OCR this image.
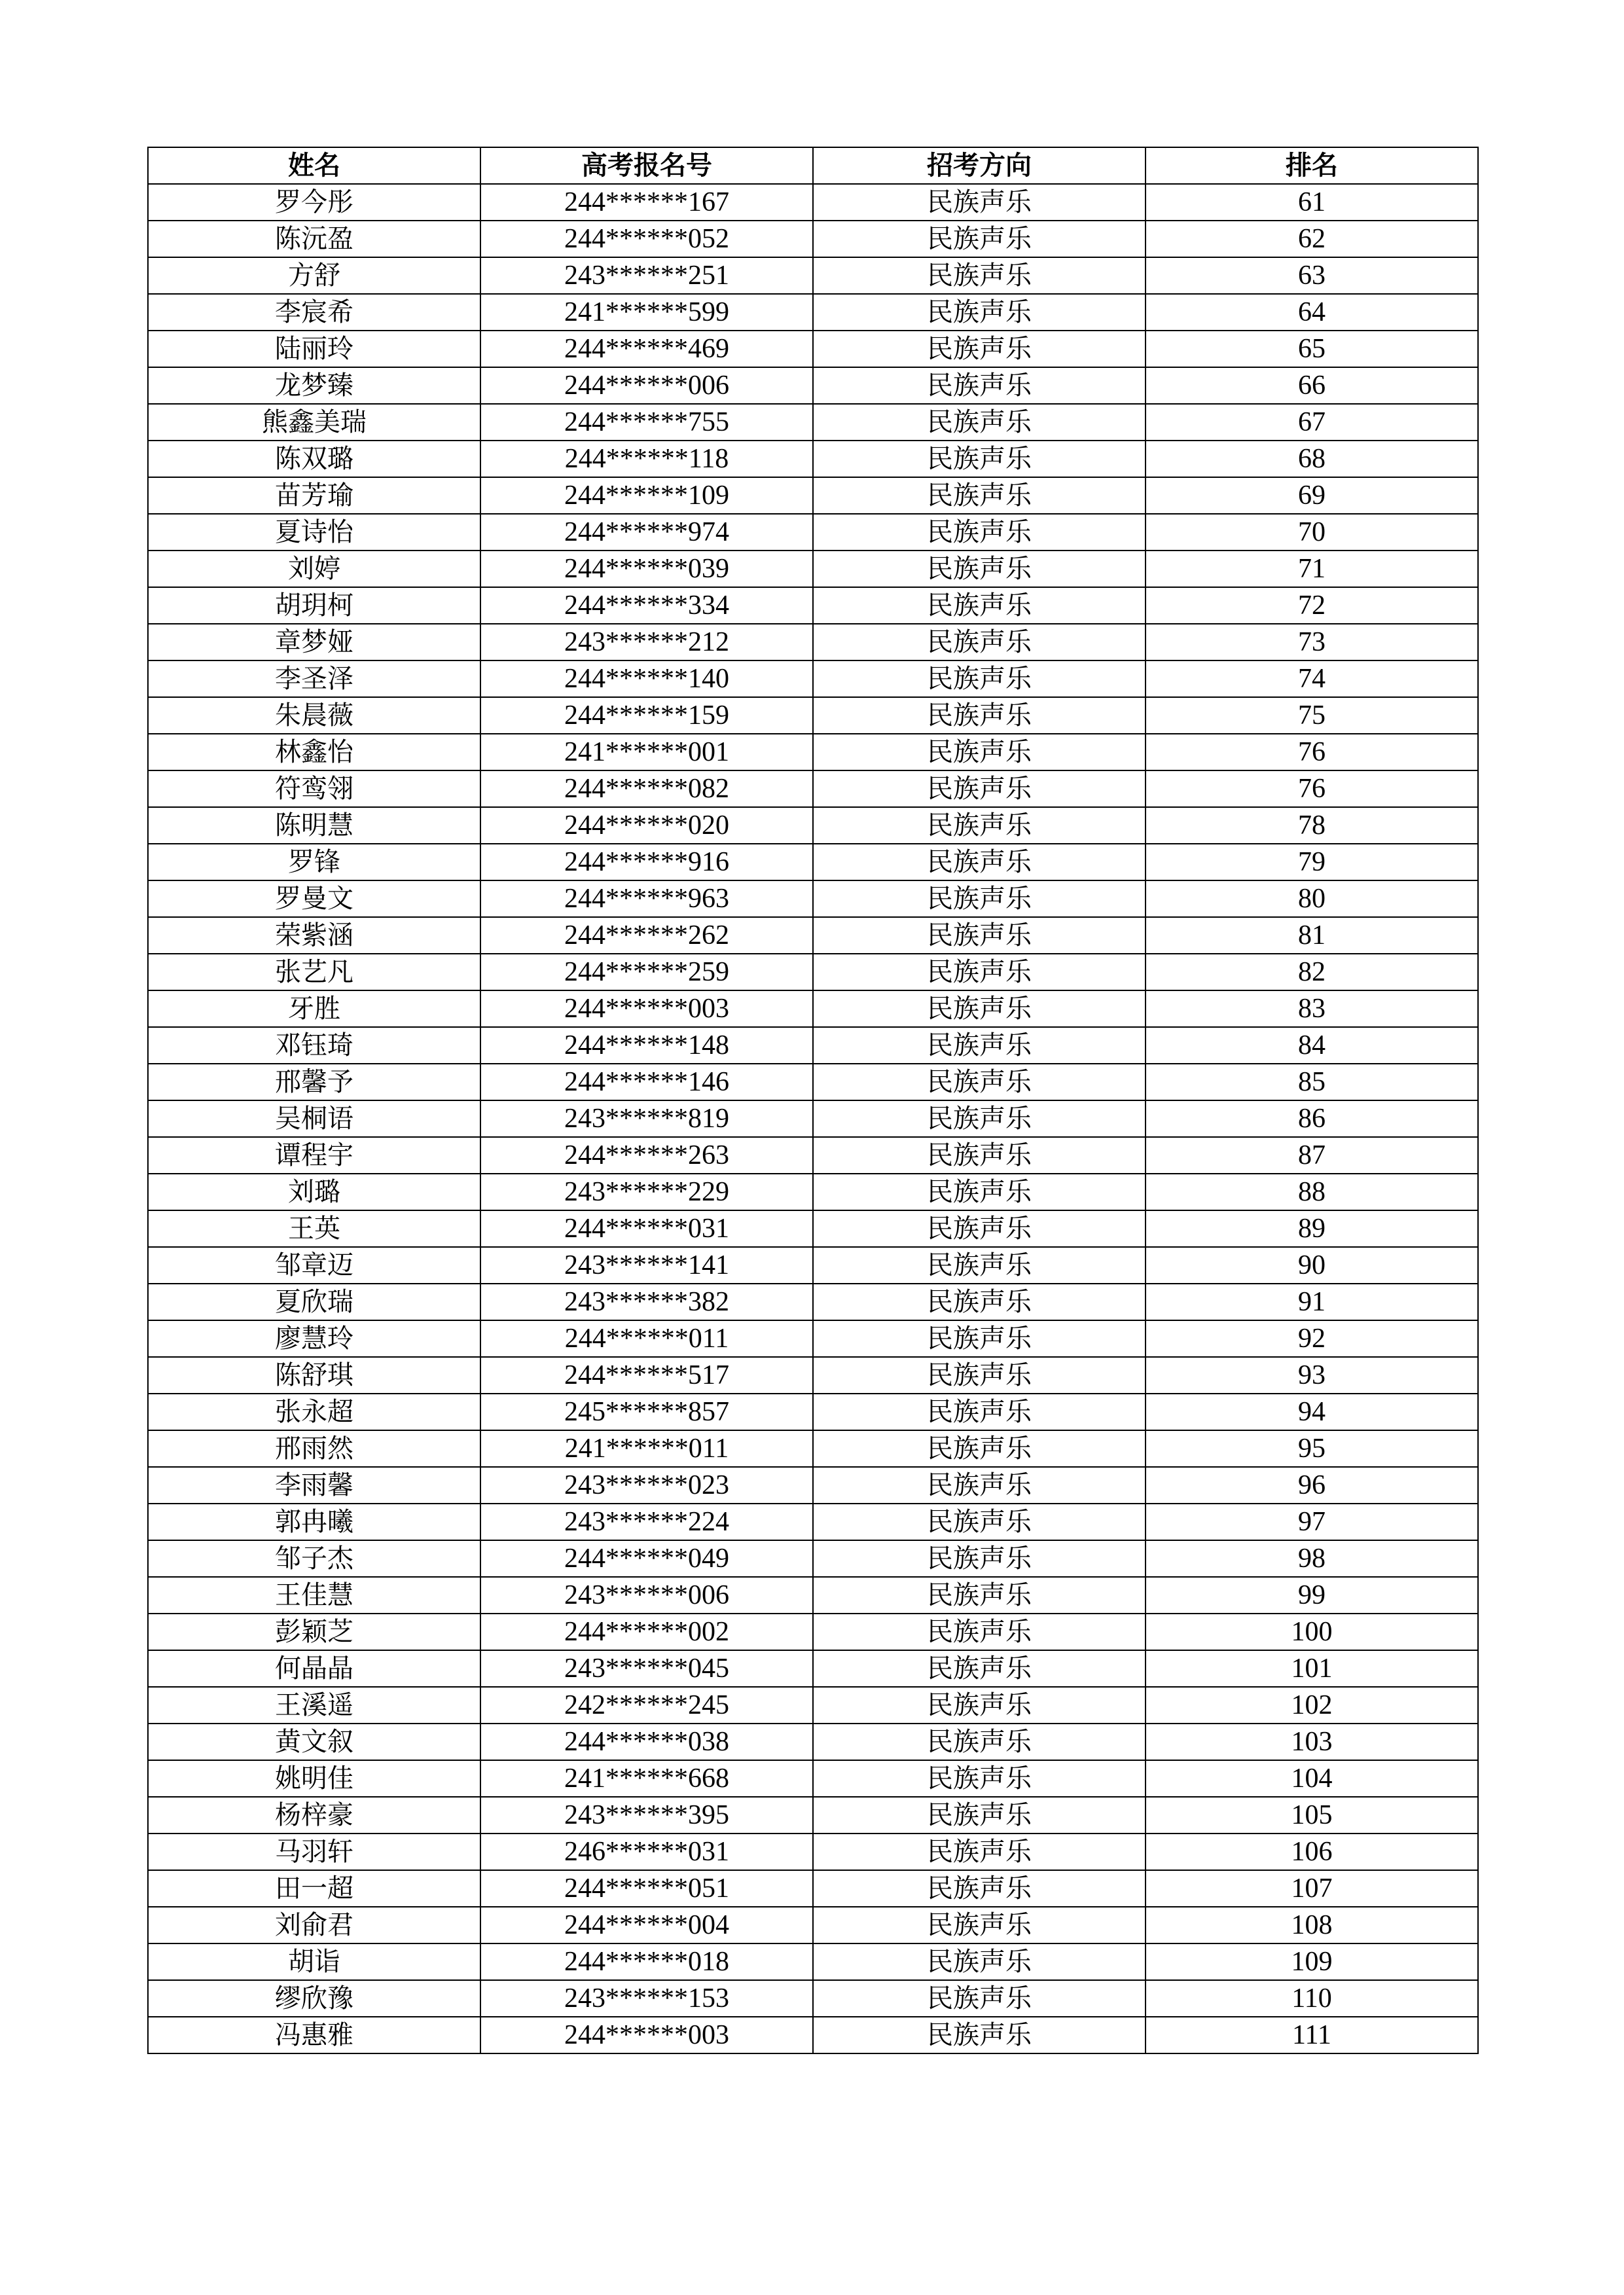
姓名	高考报名号	招考方向	排名
罗今彤	244******167	民族声乐	61
陈沅盈	244******052	民族声乐	62
方舒	243******251	民族声乐	63
李宸希	241******599	民族声乐	64
陆丽玲	244******469	民族声乐	65
龙梦臻	244******006	民族声乐	66
熊鑫美瑞	244******755	民族声乐	67
陈双璐	244******118	民族声乐	68
苗芳瑜	244******109	民族声乐	69
夏诗怡	244******974	民族声乐	70
刘婷	244******039	民族声乐	71
胡玥柯	244******334	民族声乐	72
章梦娅	243******212	民族声乐	73
李圣泽	244******140	民族声乐	74
朱晨薇	244******159	民族声乐	75
林鑫怡	241******001	民族声乐	76
符鸾翎	244******082	民族声乐	76
陈明慧	244******020	民族声乐	78
罗锋	244******916	民族声乐	79
罗曼文	244******963	民族声乐	80
荣紫涵	244******262	民族声乐	81
张艺凡	244******259	民族声乐	82
牙胜	244******003	民族声乐	83
邓钰琦	244******148	民族声乐	84
邢馨予	244******146	民族声乐	85
吴桐语	243******819	民族声乐	86
谭程宇	244******263	民族声乐	87
刘璐	243******229	民族声乐	88
王英	244******031	民族声乐	89
邹章迈	243******141	民族声乐	90
夏欣瑞	243******382	民族声乐	91
廖慧玲	244******011	民族声乐	92
陈舒琪	244******517	民族声乐	93
张永超	245******857	民族声乐	94
邢雨然	241******011	民族声乐	95
李雨馨	243******023	民族声乐	96
郭冉曦	243******224	民族声乐	97
邹子杰	244******049	民族声乐	98
王佳慧	243******006	民族声乐	99
彭颖芝	244******002	民族声乐	100
何晶晶	243******045	民族声乐	101
王溪遥	242******245	民族声乐	102
黄文叙	244******038	民族声乐	103
姚明佳	241******668	民族声乐	104
杨梓豪	243******395	民族声乐	105
马羽轩	246******031	民族声乐	106
田一超	244******051	民族声乐	107
刘俞君	244******004	民族声乐	108
胡诣	244******018	民族声乐	109
缪欣豫	243******153	民族声乐	110
冯惠雅	244******003	民族声乐	111
